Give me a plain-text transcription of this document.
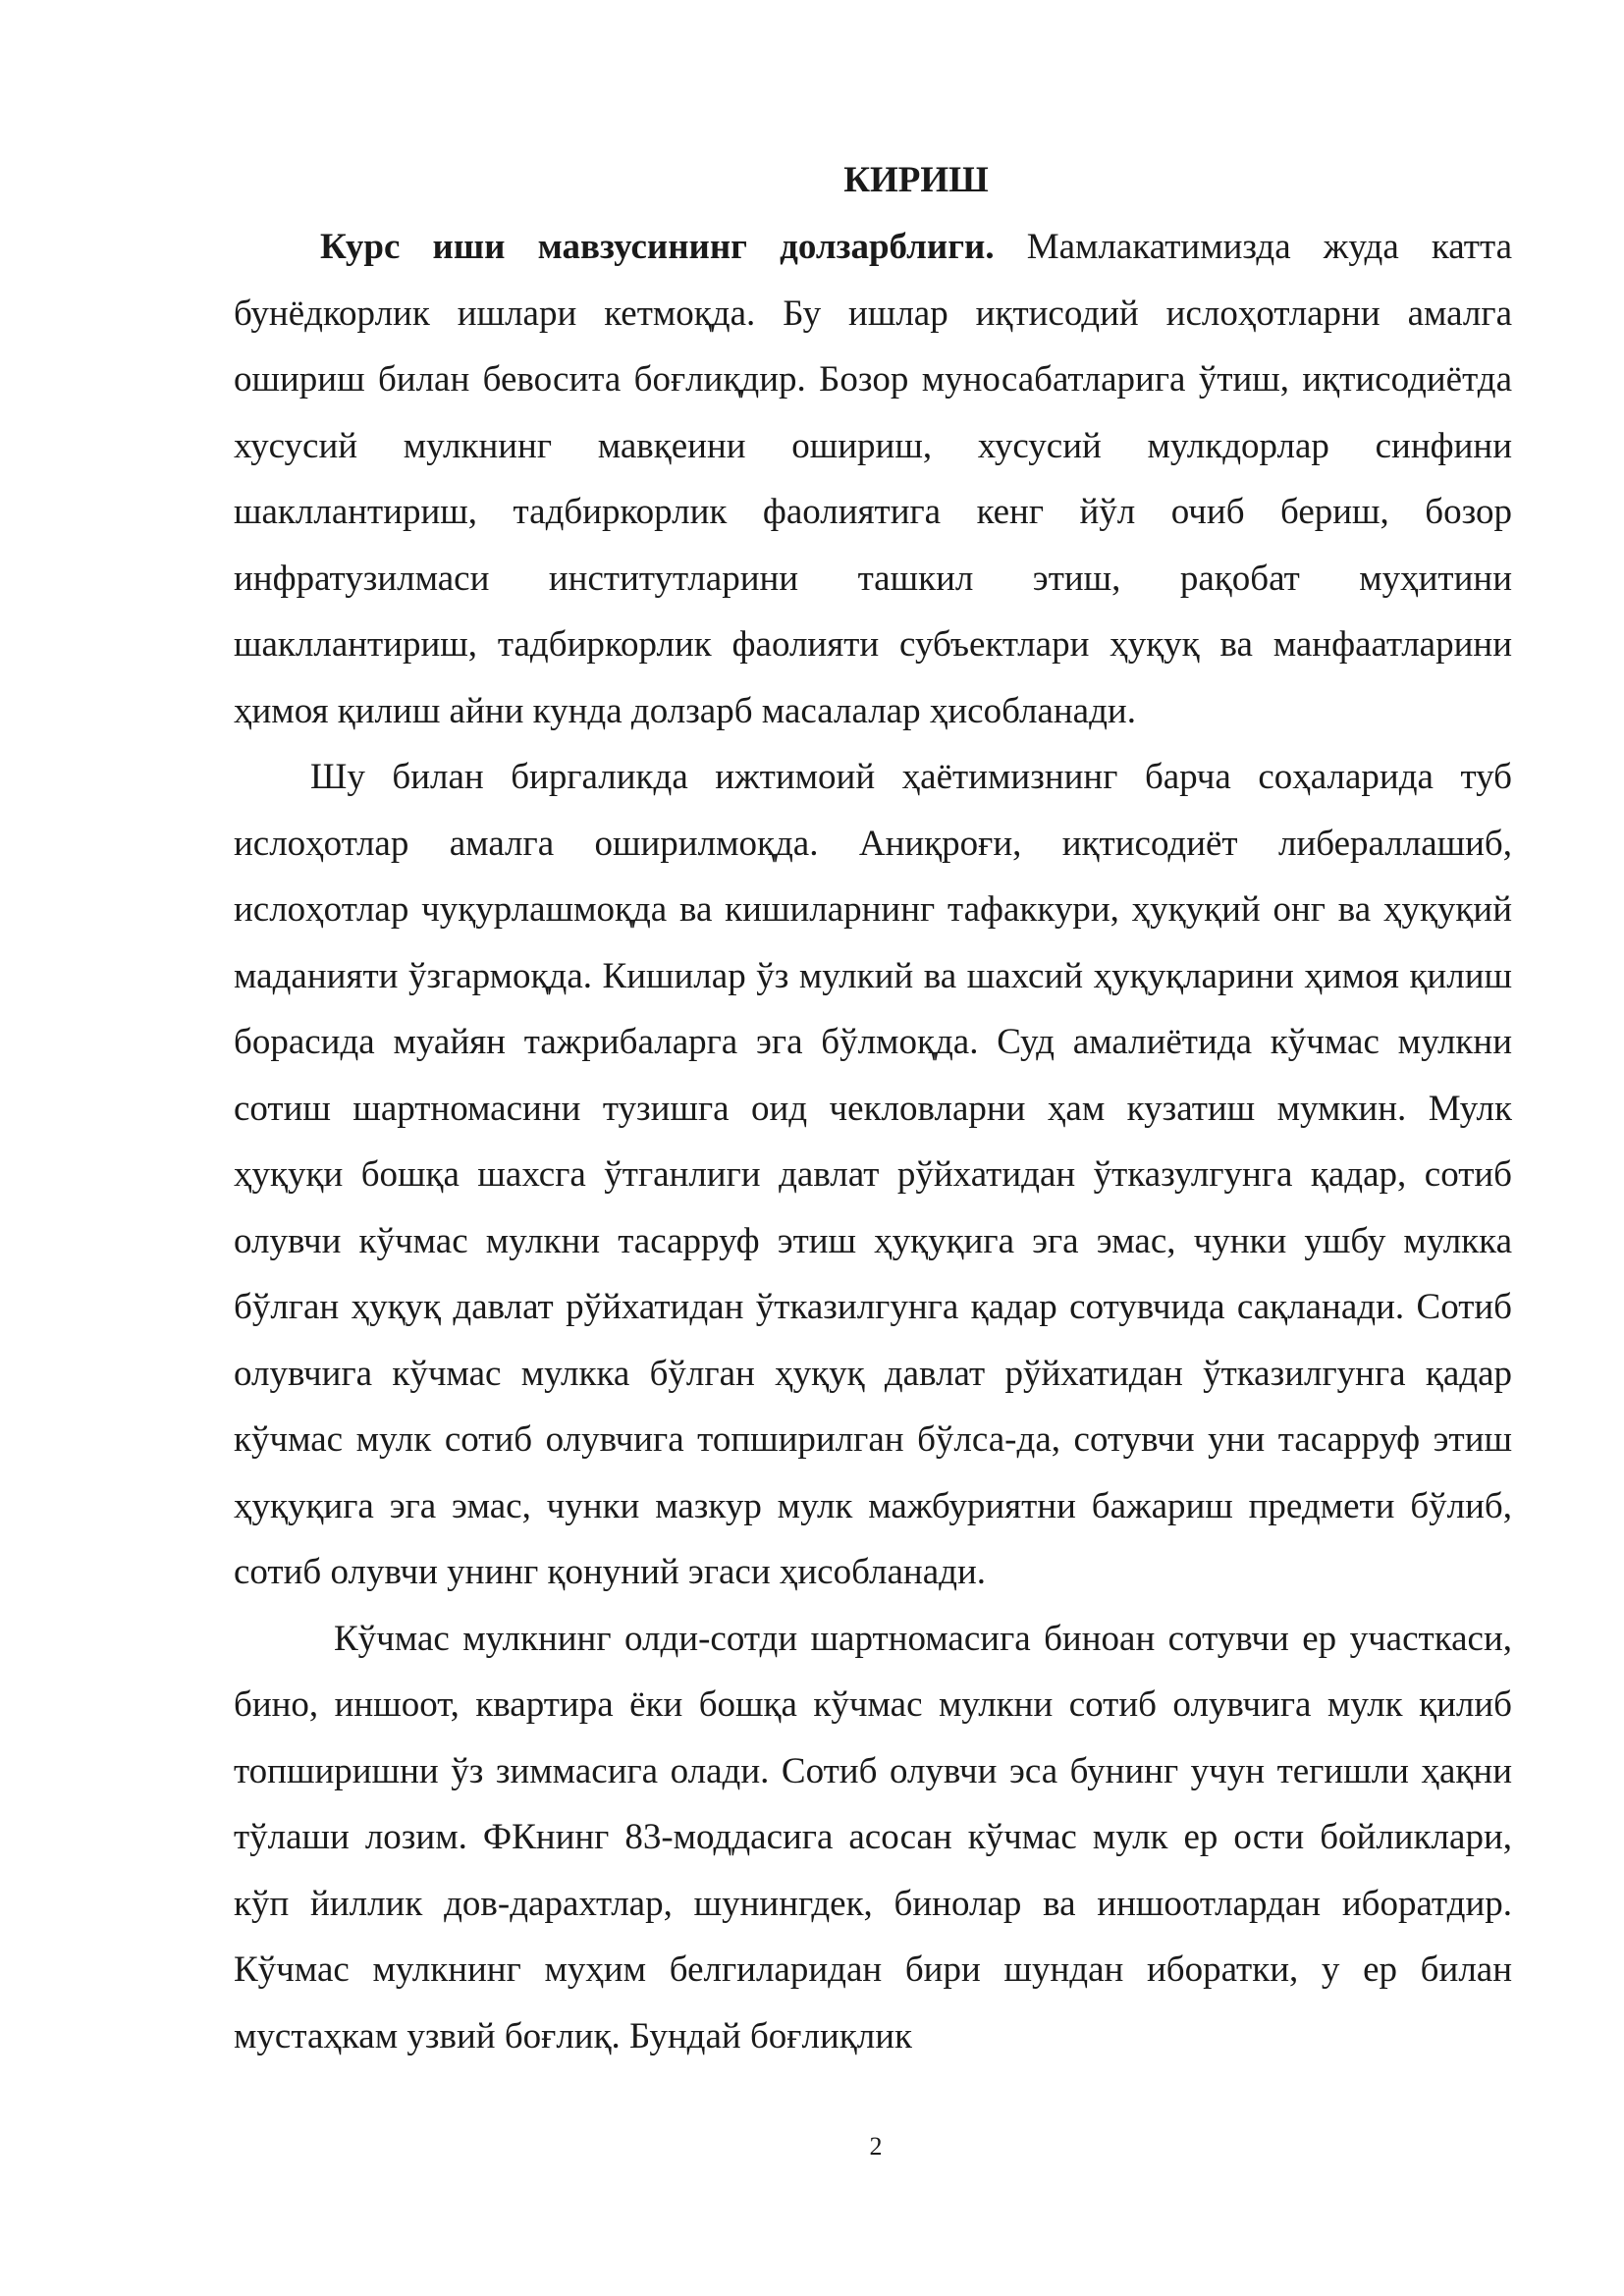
КИРИШ

Курс иши мавзусининг долзарблиги. Мамлакатимизда жуда катта бунёдкорлик ишлари кетмоқда. Бу ишлар иқтисодий ислоҳотларни амалга ошириш билан бевосита боғлиқдир. Бозор муносабатларига ўтиш, иқтисодиётда хусусий мулкнинг мавқеини ошириш, хусусий мулкдорлар синфини шакллантириш, тадбиркорлик фаолиятига кенг йўл очиб бериш, бозор инфратузилмаси институтларини ташкил этиш, рақобат муҳитини шакллантириш, тадбиркорлик фаолияти субъектлари ҳуқуқ ва манфаатларини ҳимоя қилиш айни кунда долзарб масалалар ҳисобланади.

Шу билан биргаликда ижтимоий ҳаётимизнинг барча соҳаларида туб ислоҳотлар амалга оширилмоқда. Аниқроғи, иқтисодиёт либераллашиб, ислоҳотлар чуқурлашмоқда ва кишиларнинг тафаккури, ҳуқуқий онг ва ҳуқуқий маданияти ўзгармоқда. Кишилар ўз мулкий ва шахсий ҳуқуқларини ҳимоя қилиш борасида муайян тажрибаларга эга бўлмоқда. Суд амалиётида кўчмас мулкни сотиш шартномасини тузишга оид чекловларни ҳам кузатиш мумкин. Мулк ҳуқуқи бошқа шахсга ўтганлиги давлат рўйхатидан ўтказулгунга қадар, сотиб олувчи кўчмас мулкни тасарруф этиш ҳуқуқига эга эмас, чунки ушбу мулкка бўлган ҳуқуқ давлат рўйхатидан ўтказилгунга қадар сотувчида сақланади. Сотиб олувчига кўчмас мулкка бўлган ҳуқуқ давлат рўйхатидан ўтказилгунга қадар кўчмас мулк сотиб олувчига топширилган бўлса-да, сотувчи уни тасарруф этиш ҳуқуқига эга эмас, чунки мазкур мулк мажбуриятни бажариш предмети бўлиб, сотиб олувчи унинг қонуний эгаси ҳисобланади.

Кўчмас мулкнинг олди-сотди шартномасига биноан сотувчи ер участкаси, бино, иншоот, квартира ёки бошқа кўчмас мулкни сотиб олувчига мулк қилиб топширишни ўз зиммасига олади. Сотиб олувчи эса бунинг учун тегишли ҳақни тўлаши лозим. ФКнинг 83-моддасига асосан кўчмас мулк ер ости бойликлари, кўп йиллик дов-дарахтлар, шунингдек, бинолар ва иншоотлардан иборатдир. Кўчмас мулкнинг муҳим белгиларидан бири шундан иборатки, у ер билан мустаҳкам узвий боғлиқ. Бундай боғлиқлик

2
